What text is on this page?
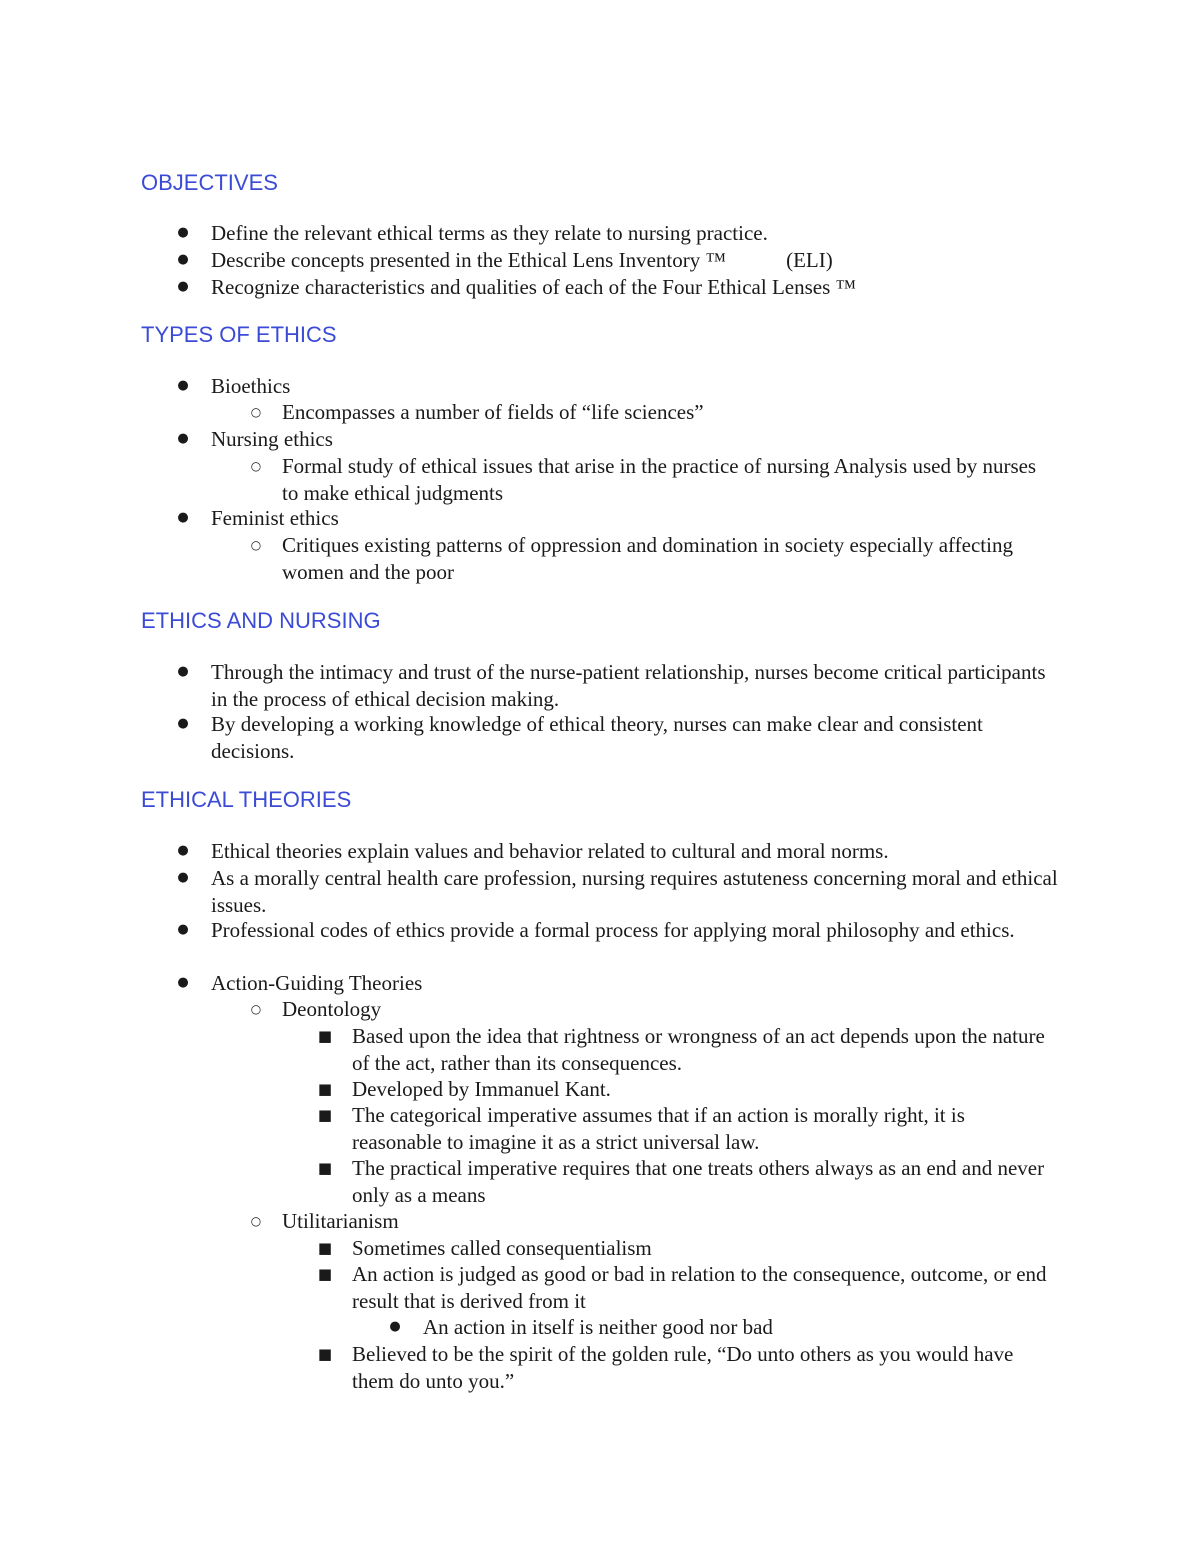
OBJECTIVES
● Define the relevant ethical terms as they relate to nursing practice.
● Describe concepts presented in the Ethical Lens Inventory ™	(ELI)
● Recognize characteristics and qualities of each of the Four Ethical Lenses ™
TYPES OF ETHICS
● Bioethics
○ Encompasses a number of fields of “life sciences”
● Nursing ethics
○ Formal study of ethical issues that arise in the practice of nursing Analysis used by nurses to make ethical judgments
● Feminist ethics
○ Critiques existing patterns of oppression and domination in society especially affecting women and the poor
ETHICS AND NURSING
● Through the intimacy and trust of the nurse-patient relationship, nurses become critical participants in the process of ethical decision making.
● By developing a working knowledge of ethical theory, nurses can make clear and consistent decisions.
ETHICAL THEORIES
● Ethical theories explain values and behavior related to cultural and moral norms.
● As a morally central health care profession, nursing requires astuteness concerning moral and ethical issues.
● Professional codes of ethics provide a formal process for applying moral philosophy and ethics.
● Action-Guiding Theories
○ Deontology
■ Based upon the idea that rightness or wrongness of an act depends upon the nature of the act, rather than its consequences.
■ Developed by Immanuel Kant.
■ The categorical imperative assumes that if an action is morally right, it is reasonable to imagine it as a strict universal law.
■ The practical imperative requires that one treats others always as an end and never only as a means
○ Utilitarianism
■ Sometimes called consequentialism
■ An action is judged as good or bad in relation to the consequence, outcome, or end result that is derived from it
● An action in itself is neither good nor bad
■ Believed to be the spirit of the golden rule, “Do unto others as you would have them do unto you.”
